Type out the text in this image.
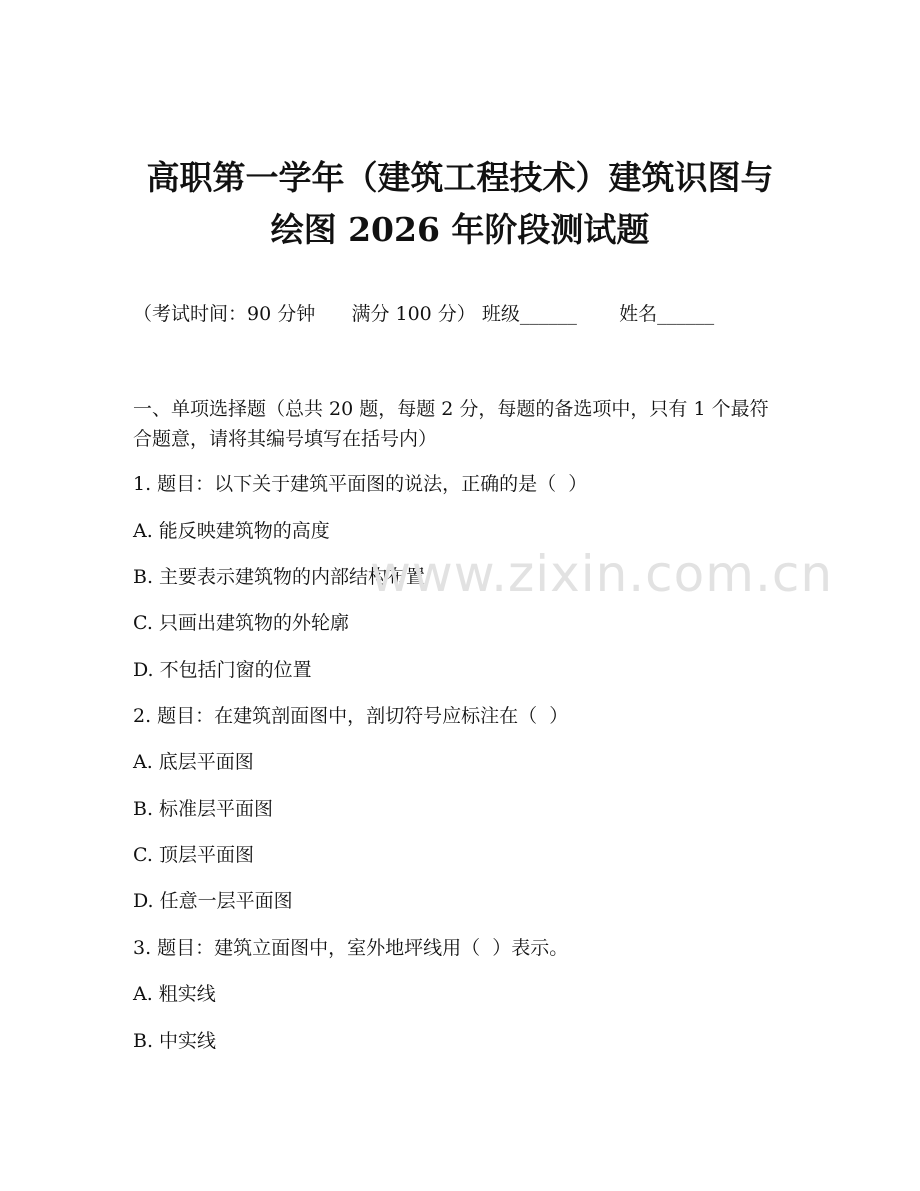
高职第一学年（建筑工程技术）建筑识图与
绘图 2026 年阶段测试题
（考试时间：90 分钟      满分 100 分） 班级______       姓名______
一、单项选择题（总共 20 题，每题 2 分，每题的备选项中，只有 1 个最符合题意，请将其编号填写在括号内）
1. 题目：以下关于建筑平面图的说法，正确的是（  ）
A. 能反映建筑物的高度
B. 主要表示建筑物的内部结构布置
C. 只画出建筑物的外轮廓
D. 不包括门窗的位置
2. 题目：在建筑剖面图中，剖切符号应标注在（  ）
A. 底层平面图
B. 标准层平面图
C. 顶层平面图
D. 任意一层平面图
3. 题目：建筑立面图中，室外地坪线用（  ）表示。
A. 粗实线
B. 中实线
www.zixin.com.cn
